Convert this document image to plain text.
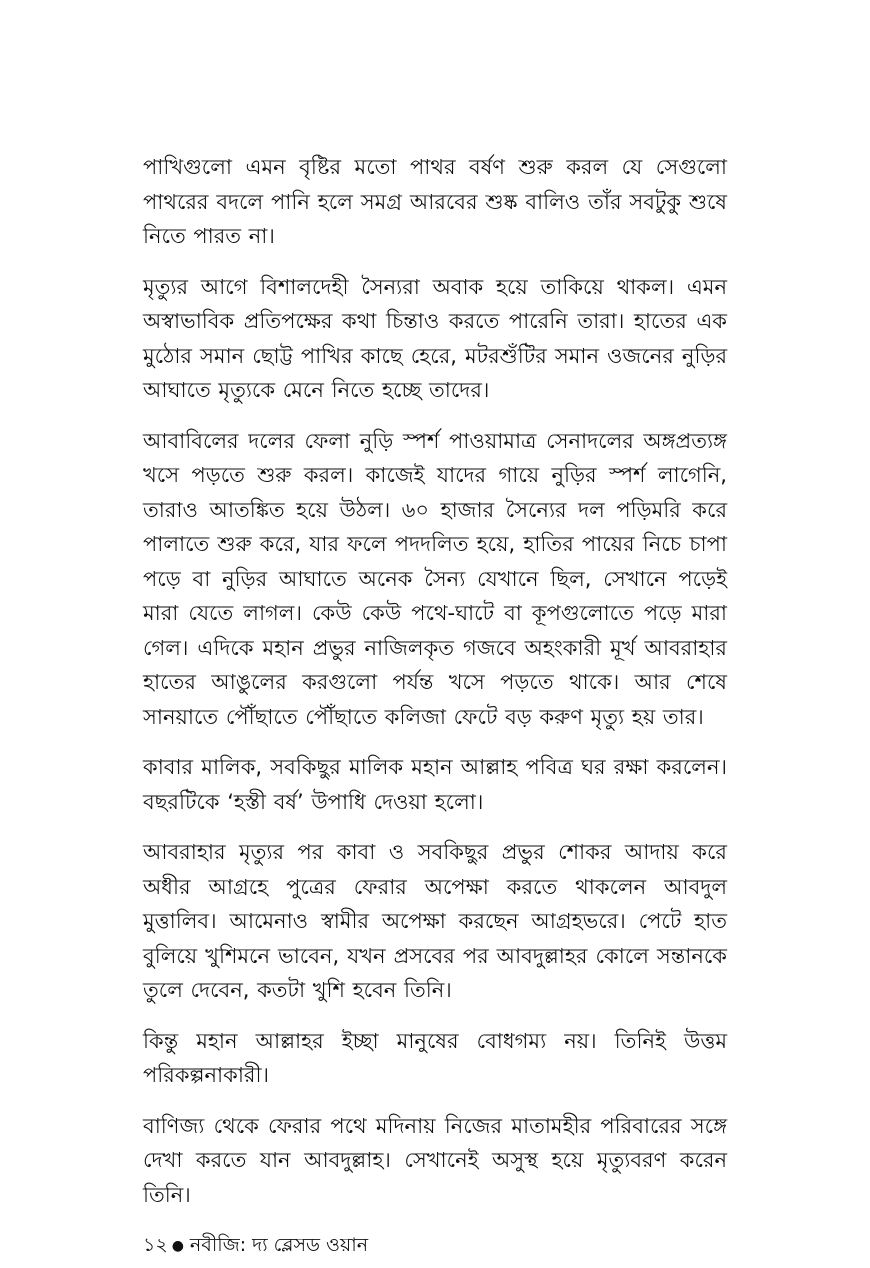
পাখিগুলো এমন বৃষ্টির মতো পাথর বর্ষণ শুরু করল যে সেগুলো পাথরের বদলে পানি হলে সমগ্র আরবের শুষ্ক বালিও তাঁর সবটুকু শুষে নিতে পারত না।

মৃত্যুর আগে বিশালদেহী সৈন্যরা অবাক হয়ে তাকিয়ে থাকল। এমন অস্বাভাবিক প্রতিপক্ষের কথা চিন্তাও করতে পারেনি তারা। হাতের এক মুঠোর সমান ছোট্ট পাখির কাছে হেরে, মটরশুঁটির সমান ওজনের নুড়ির আঘাতে মৃত্যুকে মেনে নিতে হচ্ছে তাদের।

আবাবিলের দলের ফেলা নুড়ি স্পর্শ পাওয়ামাত্র সেনাদলের অঙ্গপ্রত্যঙ্গ খসে পড়তে শুরু করল। কাজেই যাদের গায়ে নুড়ির স্পর্শ লাগেনি, তারাও আতঙ্কিত হয়ে উঠল। ৬০ হাজার সৈন্যের দল পড়িমরি করে পালাতে শুরু করে, যার ফলে পদদলিত হয়ে, হাতির পায়ের নিচে চাপা পড়ে বা নুড়ির আঘাতে অনেক সৈন্য যেখানে ছিল, সেখানে পড়েই মারা যেতে লাগল। কেউ কেউ পথে-ঘাটে বা কূপগুলোতে পড়ে মারা গেল। এদিকে মহান প্রভুর নাজিলকৃত গজবে অহংকারী মূর্খ আবরাহার হাতের আঙুলের করগুলো পর্যন্ত খসে পড়তে থাকে। আর শেষে সানয়াতে পৌঁছাতে পৌঁছাতে কলিজা ফেটে বড় করুণ মৃত্যু হয় তার।

কাবার মালিক, সবকিছুর মালিক মহান আল্লাহ পবিত্র ঘর রক্ষা করলেন। বছরটিকে ‘হস্তী বর্ষ’ উপাধি দেওয়া হলো।

আবরাহার মৃত্যুর পর কাবা ও সবকিছুর প্রভুর শোকর আদায় করে অধীর আগ্রহে পুত্রের ফেরার অপেক্ষা করতে থাকলেন আবদুল মুত্তালিব। আমেনাও স্বামীর অপেক্ষা করছেন আগ্রহভরে। পেটে হাত বুলিয়ে খুশিমনে ভাবেন, যখন প্রসবের পর আবদুল্লাহর কোলে সন্তানকে তুলে দেবেন, কতটা খুশি হবেন তিনি।

কিন্তু মহান আল্লাহর ইচ্ছা মানুষের বোধগম্য নয়। তিনিই উত্তম পরিকল্পনাকারী।

বাণিজ্য থেকে ফেরার পথে মদিনায় নিজের মাতামহীর পরিবারের সঙ্গে দেখা করতে যান আবদুল্লাহ। সেখানেই অসুস্থ হয়ে মৃত্যুবরণ করেন তিনি।

১২ ● নবীজি: দ্য ব্লেসড ওয়ান
